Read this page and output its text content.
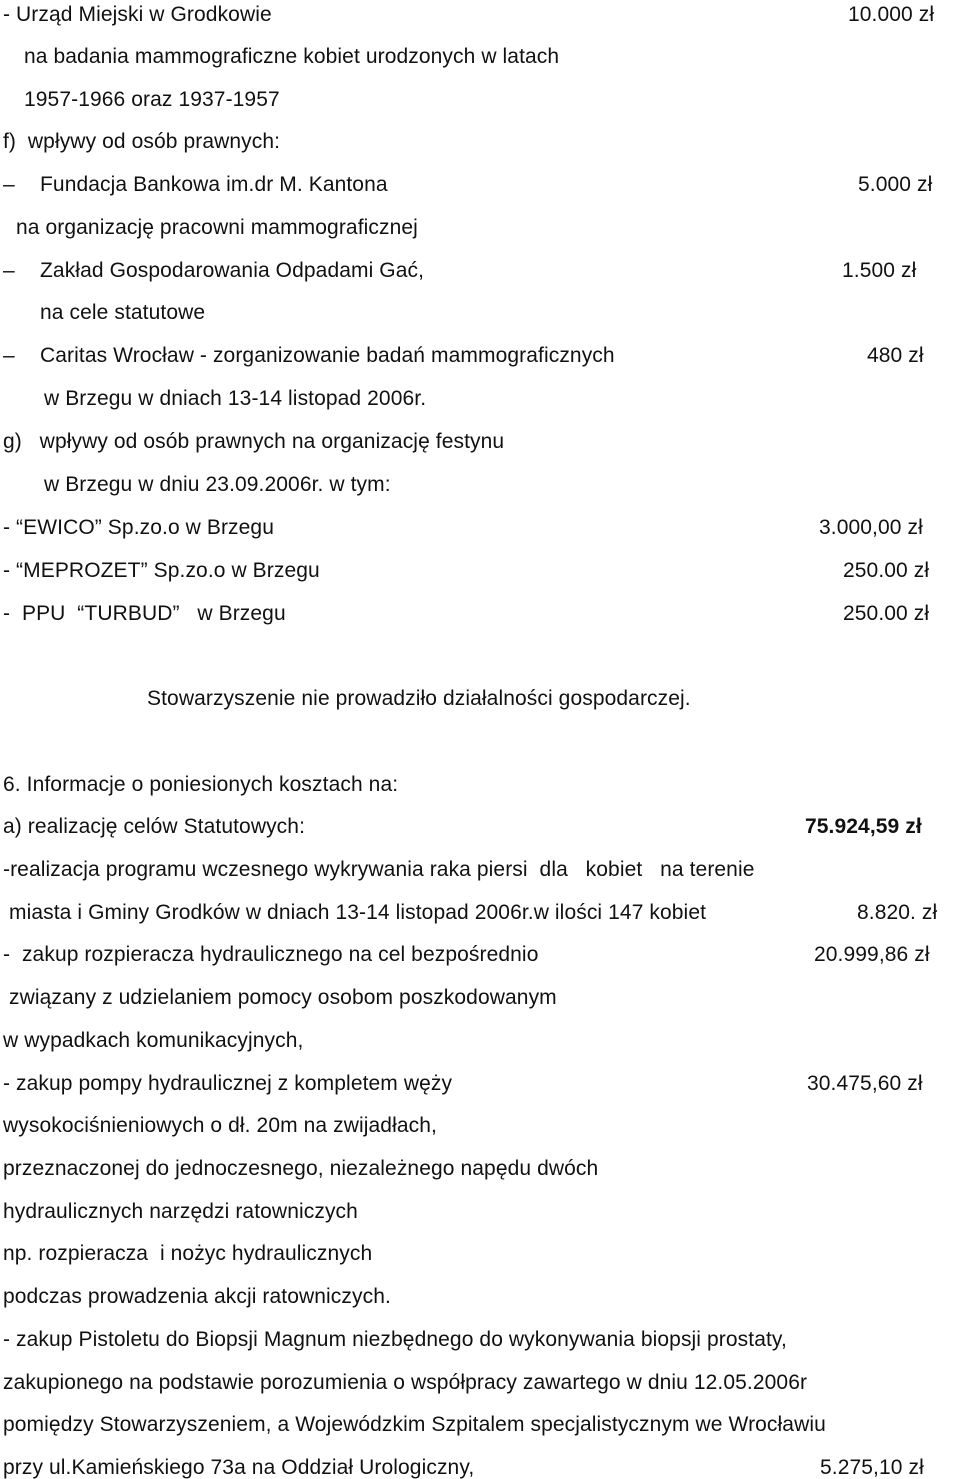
- Urząd Miejski w Grodkowie	10.000 zł

na badania mammograficzne kobiet urodzonych w latach

1957-1966 oraz 1937-1957

f)  wpływy od osób prawnych:

– Fundacja Bankowa im.dr M. Kantona	5.000 zł

na organizację pracowni mammograficznej

– Zakład Gospodarowania Odpadami Gać,	1.500 zł

na cele statutowe

– Caritas Wrocław - zorganizowanie badań mammograficznych	480 zł

w Brzegu w dniach 13-14 listopad 2006r.

g)   wpływy od osób prawnych na organizację festynu

w Brzegu w dniu 23.09.2006r. w tym:

- “EWICO” Sp.zo.o w Brzegu	3.000,00 zł

- “MEPROZET” Sp.zo.o w Brzegu	250.00 zł

-  PPU  “TURBUD”   w Brzegu	250.00 zł

Stowarzyszenie nie prowadziło działalności gospodarczej.

6. Informacje o poniesionych kosztach na:

a) realizację celów Statutowych:	75.924,59 zł

-realizacja programu wczesnego wykrywania raka piersi  dla   kobiet   na terenie

miasta i Gminy Grodków w dniach 13-14 listopad 2006r.w ilości 147 kobiet	8.820. zł

-  zakup rozpieracza hydraulicznego na cel bezpośrednio	20.999,86 zł

związany z udzielaniem pomocy osobom poszkodowanym

w wypadkach komunikacyjnych,

- zakup pompy hydraulicznej z kompletem węży	30.475,60 zł

wysokociśnieniowych o dł. 20m na zwijadłach,

przeznaczonej do jednoczesnego, niezależnego napędu dwóch

hydraulicznych narzędzi ratowniczych

np. rozpieracza  i nożyc hydraulicznych

podczas prowadzenia akcji ratowniczych.

- zakup Pistoletu do Biopsji Magnum niezbędnego do wykonywania biopsji prostaty,

zakupionego na podstawie porozumienia o współpracy zawartego w dniu 12.05.2006r

pomiędzy Stowarzyszeniem, a Wojewódzkim Szpitalem specjalistycznym we Wrocławiu

przy ul.Kamieńskiego 73a na Oddział Urologiczny,	5.275,10 zł
